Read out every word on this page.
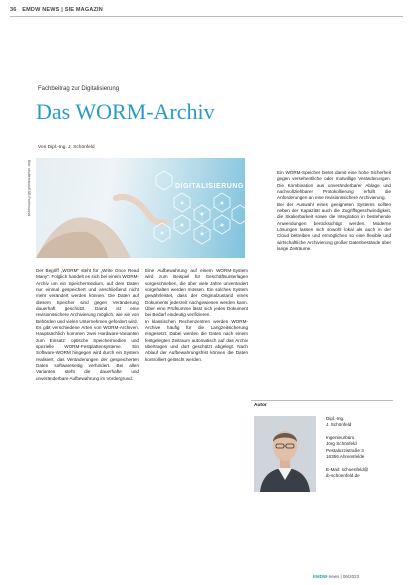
36 EMDW NEWS | SIE MAGAZIN
Fachbeitrag zur Digitalisierung
Das WORM-Archiv
Von Dipl.-Ing. J. Schönfeld
Bild: shutterstock/ESB Professional	DIGITALISIERUNG

Der Begriff „WORM“ steht für „Write Once Read Many“. Folglich handelt es sich bei einem WORM-Archiv um ein Speichermedium, auf dem Daten nur einmal gespeichert und anschließend nicht mehr verändert werden können. Die Daten auf diesem Speicher sind gegen Veränderung dauerhaft geschützt. Damit ist eine revisionssichere Archivierung möglich, wie sie von Behörden und vielen Unternehmen gefordert wird.

Es gibt verschiedene Arten von WORM-Archiven. Hauptsächlich kommen zwei Hardware-Varianten zum Einsatz: optische Speichermedien und spezielle WORM-Festplattensysteme. Ein Software-WORM hingegen wird durch ein System realisiert, das Veränderungen der gespeicherten Daten softwareseitig verhindert. Bei allen Varianten steht die dauerhafte und unveränderbare Aufbewahrung im Vordergrund.

Eine Aufbewahrung auf einem WORM-System wird zum Beispiel für Geschäftsunterlagen vorgeschrieben, die über viele Jahre unverändert vorgehalten werden müssen. Ein solches System gewährleistet, dass der Originalzustand eines Dokuments jederzeit nachgewiesen werden kann. Über eine Prüfsumme lässt sich jedes Dokument bei Bedarf eindeutig verifizieren.

In klassischen Rechenzentren werden WORM-Archive häufig für die Langzeitsicherung eingesetzt. Dabei werden die Daten nach einem festgelegten Zeitraum automatisch auf das Archiv übertragen und dort geschützt abgelegt. Nach Ablauf der Aufbewahrungsfrist können die Daten kontrolliert gelöscht werden.

Ein WORM-Speicher bietet damit eine hohe Sicherheit gegen versehentliche oder mutwillige Veränderungen. Die Kombination aus unveränderbarer Ablage und nachvollziehbarer Protokollierung erfüllt die Anforderungen an eine revisionssichere Archivierung.

Bei der Auswahl eines geeigneten Systems sollten neben der Kapazität auch die Zugriffsgeschwindigkeit, die Skalierbarkeit sowie die Integration in bestehende Anwendungen berücksichtigt werden. Moderne Lösungen lassen sich sowohl lokal als auch in der Cloud betreiben und ermöglichen so eine flexible und wirtschaftliche Archivierung großer Datenbestände über lange Zeiträume.

Autor
Dipl.-Ing.
J. Schönfeld
Ingenieurbüro
Jörg Schönfeld
Pestalozzistraße 3
16356 Ahrensfelde
E-Mail: schoenfeld@
ib-schoenfeld.de
EMDW-news | 06/2023
